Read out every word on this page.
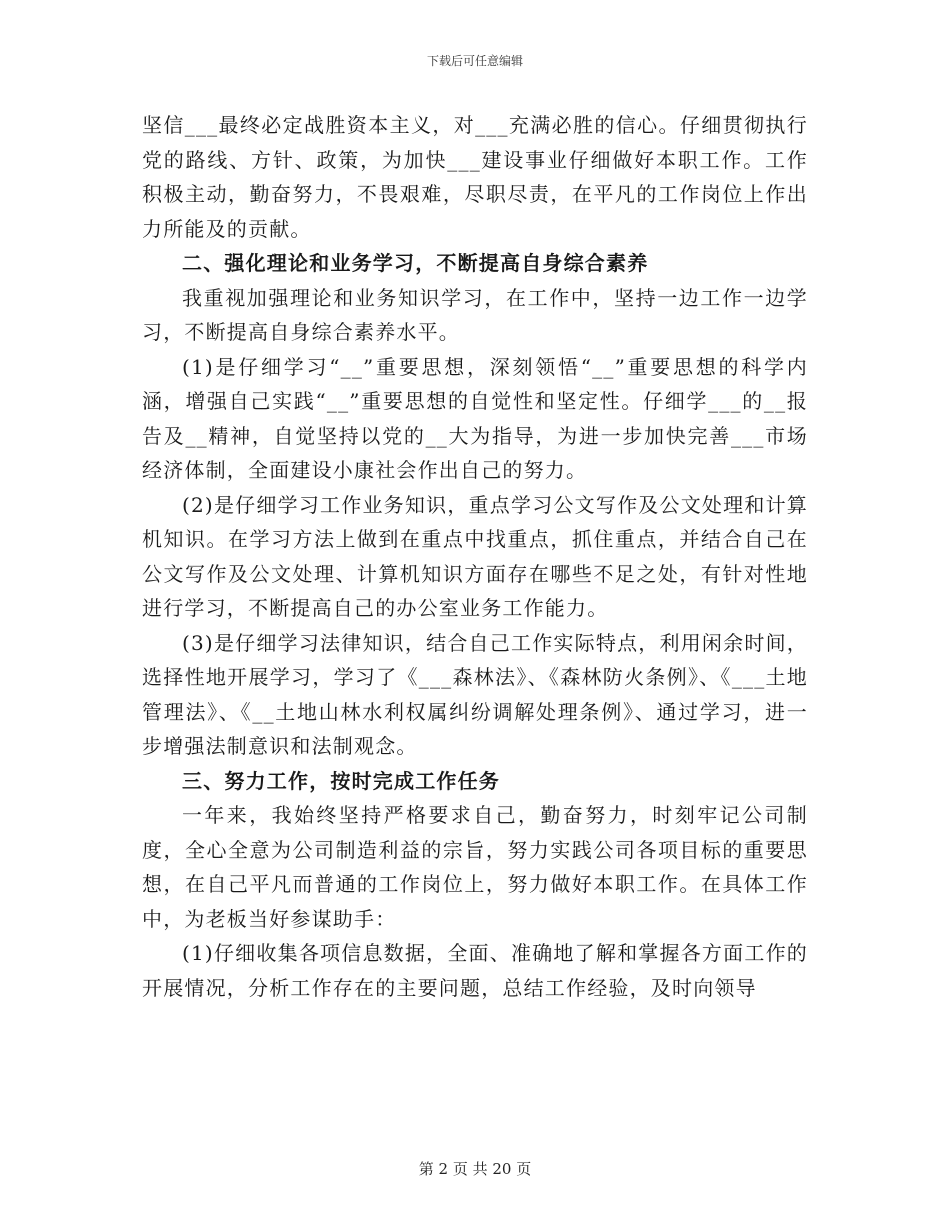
下载后可任意编辑

坚信___最终必定战胜资本主义，对___充满必胜的信心。仔细贯彻执行党的路线、方针、政策，为加快___建设事业仔细做好本职工作。工作积极主动，勤奋努力，不畏艰难，尽职尽责，在平凡的工作岗位上作出力所能及的贡献。

二、强化理论和业务学习，不断提高自身综合素养

我重视加强理论和业务知识学习，在工作中，坚持一边工作一边学习，不断提高自身综合素养水平。

(1)是仔细学习“__”重要思想，深刻领悟“__”重要思想的科学内涵，增强自己实践“__”重要思想的自觉性和坚定性。仔细学___的__报告及__精神，自觉坚持以党的__大为指导，为进一步加快完善___市场经济体制，全面建设小康社会作出自己的努力。

(2)是仔细学习工作业务知识，重点学习公文写作及公文处理和计算机知识。在学习方法上做到在重点中找重点，抓住重点，并结合自己在公文写作及公文处理、计算机知识方面存在哪些不足之处，有针对性地进行学习，不断提高自己的办公室业务工作能力。

(3)是仔细学习法律知识，结合自己工作实际特点，利用闲余时间，选择性地开展学习，学习了《___森林法》、《森林防火条例》、《___土地管理法》、《__土地山林水利权属纠纷调解处理条例》、通过学习，进一步增强法制意识和法制观念。

三、努力工作，按时完成工作任务

一年来，我始终坚持严格要求自己，勤奋努力，时刻牢记公司制度，全心全意为公司制造利益的宗旨，努力实践公司各项目标的重要思想，在自己平凡而普通的工作岗位上，努力做好本职工作。在具体工作中，为老板当好参谋助手：

(1)仔细收集各项信息数据，全面、准确地了解和掌握各方面工作的开展情况，分析工作存在的主要问题，总结工作经验，及时向领导

第 2 页 共 20 页
